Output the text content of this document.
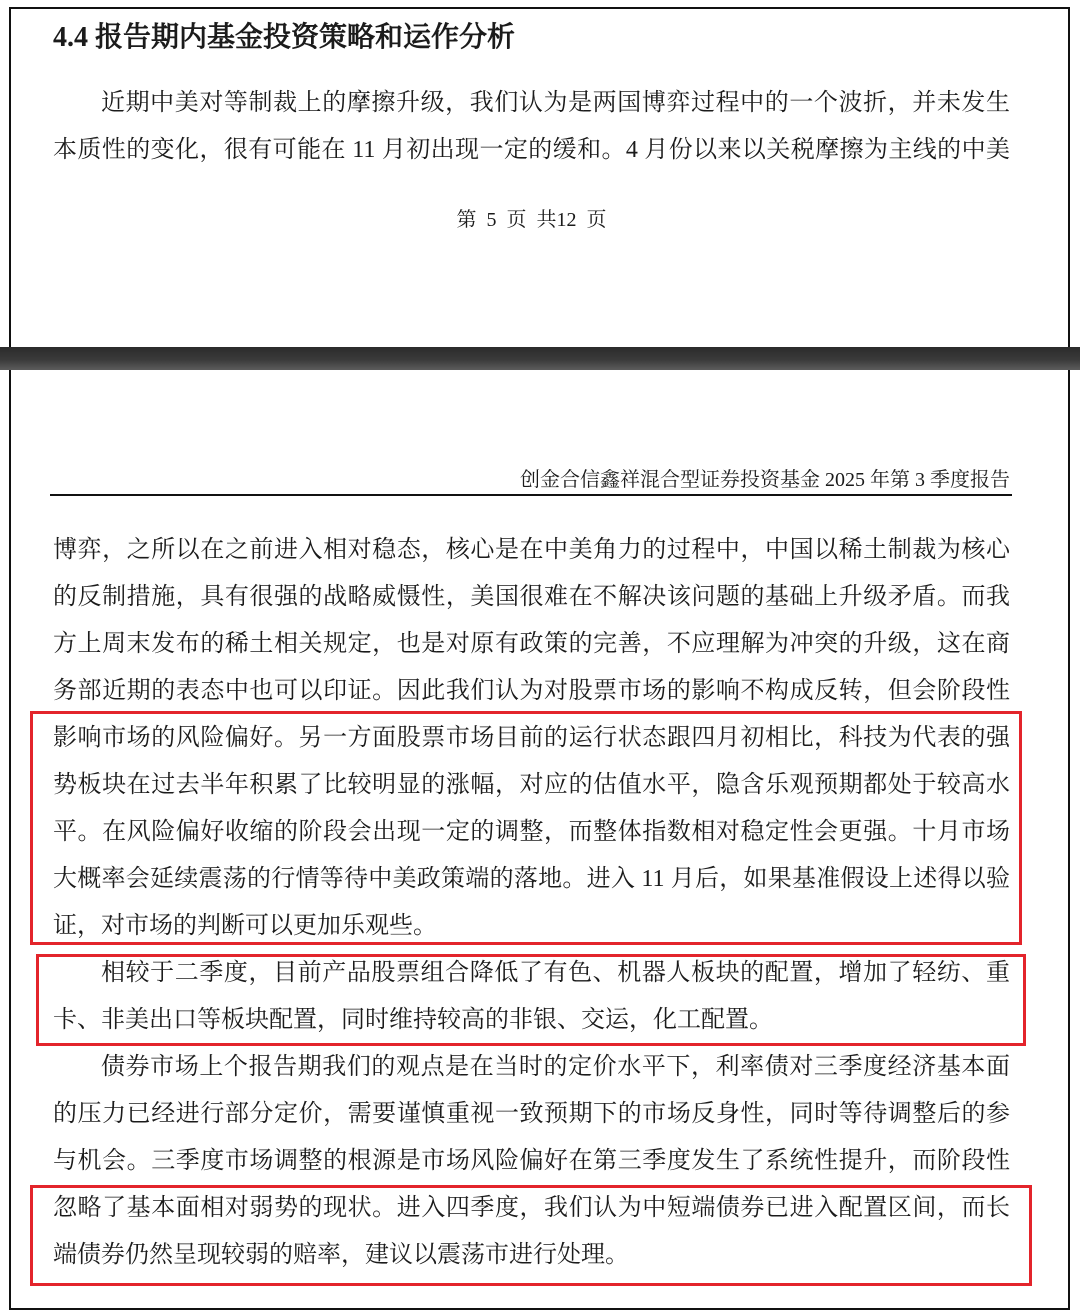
4.4 报告期内基金投资策略和运作分析
近期中美对等制裁上的摩擦升级，我们认为是两国博弈过程中的一个波折，并未发生
本质性的变化，很有可能在 11 月初出现一定的缓和。4 月份以来以关税摩擦为主线的中美
第 5 页 共12 页
创金合信鑫祥混合型证券投资基金 2025 年第 3 季度报告
博弈，之所以在之前进入相对稳态，核心是在中美角力的过程中，中国以稀土制裁为核心
的反制措施，具有很强的战略威慑性，美国很难在不解决该问题的基础上升级矛盾。而我
方上周末发布的稀土相关规定，也是对原有政策的完善，不应理解为冲突的升级，这在商
务部近期的表态中也可以印证。因此我们认为对股票市场的影响不构成反转，但会阶段性
影响市场的风险偏好。另一方面股票市场目前的运行状态跟四月初相比，科技为代表的强
势板块在过去半年积累了比较明显的涨幅，对应的估值水平，隐含乐观预期都处于较高水
平。在风险偏好收缩的阶段会出现一定的调整，而整体指数相对稳定性会更强。十月市场
大概率会延续震荡的行情等待中美政策端的落地。进入 11 月后，如果基准假设上述得以验
证，对市场的判断可以更加乐观些。
相较于二季度，目前产品股票组合降低了有色、机器人板块的配置，增加了轻纺、重
卡、非美出口等板块配置，同时维持较高的非银、交运，化工配置。
债券市场上个报告期我们的观点是在当时的定价水平下，利率债对三季度经济基本面
的压力已经进行部分定价，需要谨慎重视一致预期下的市场反身性，同时等待调整后的参
与机会。三季度市场调整的根源是市场风险偏好在第三季度发生了系统性提升，而阶段性
忽略了基本面相对弱势的现状。进入四季度，我们认为中短端债券已进入配置区间，而长
端债券仍然呈现较弱的赔率，建议以震荡市进行处理。
